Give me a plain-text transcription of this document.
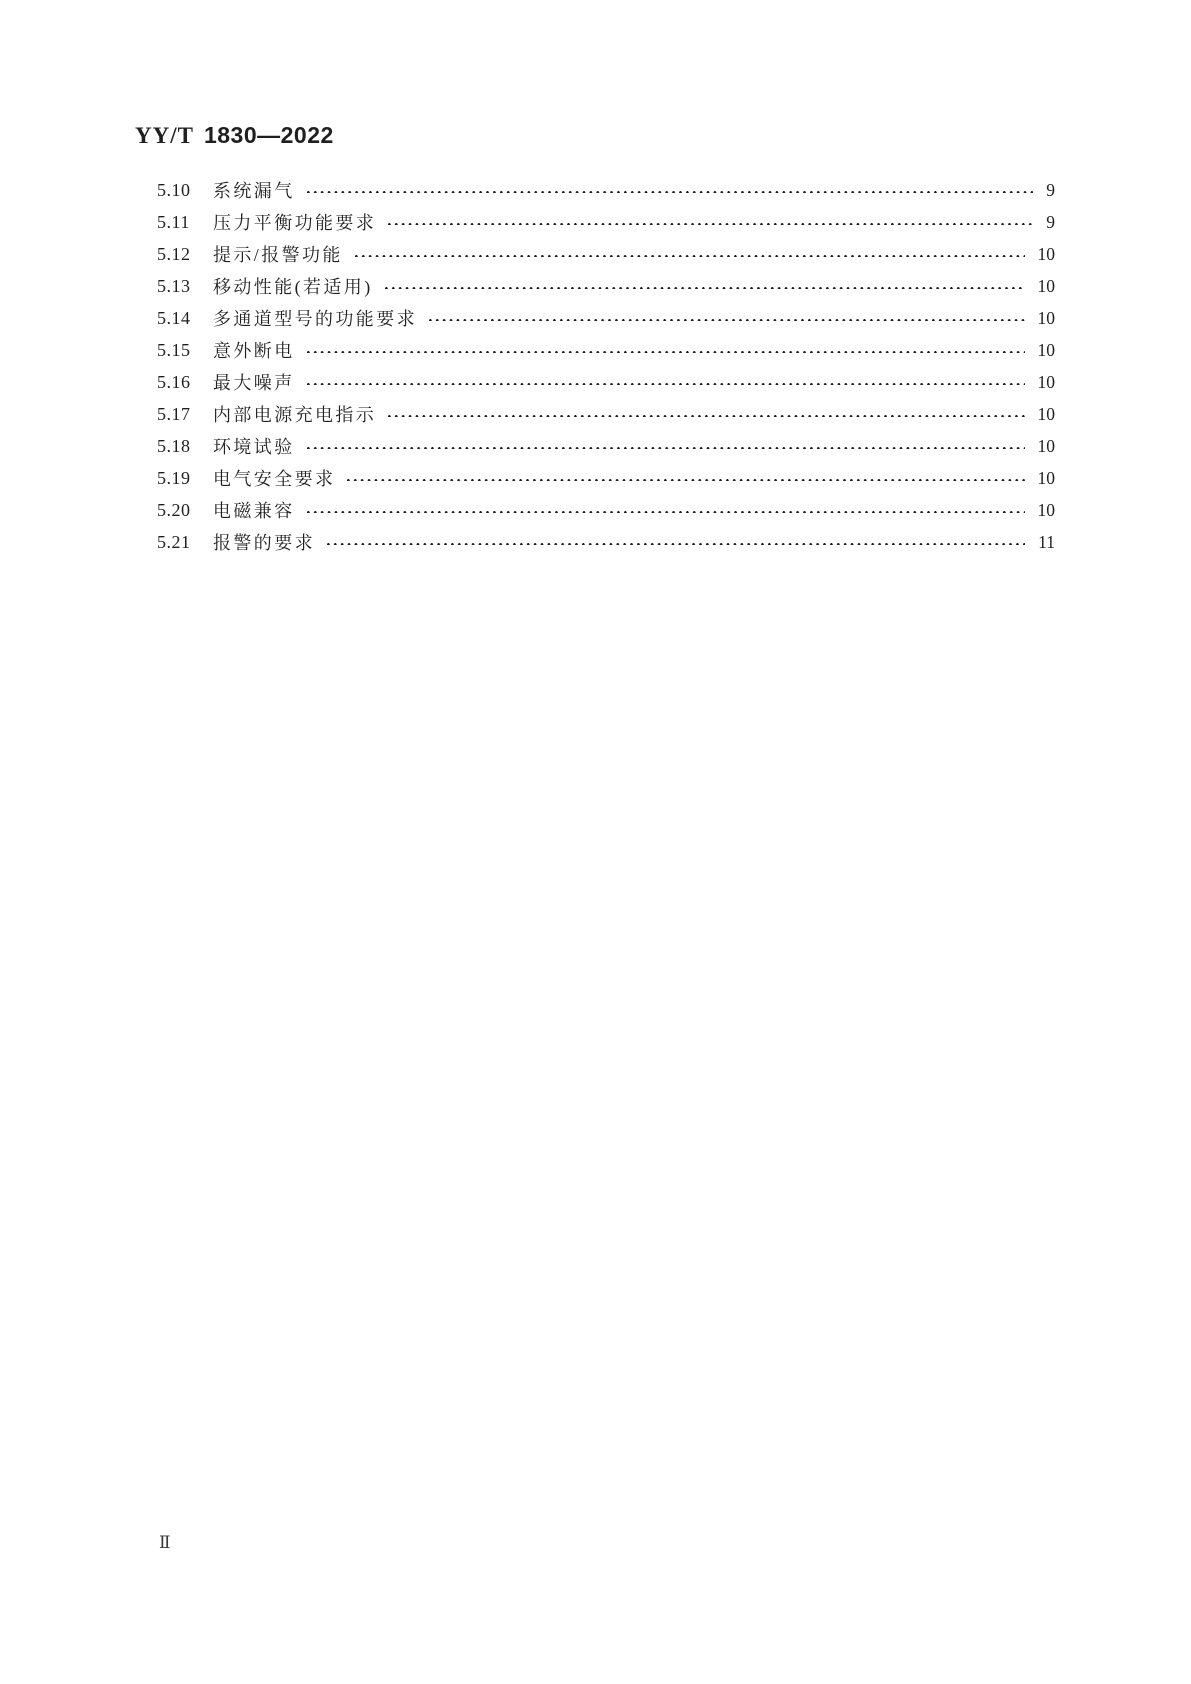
YY/T 1830—2022
5.10	系统漏气	9
5.11	压力平衡功能要求	9
5.12	提示/报警功能	10
5.13	移动性能(若适用)	10
5.14	多通道型号的功能要求	10
5.15	意外断电	10
5.16	最大噪声	10
5.17	内部电源充电指示	10
5.18	环境试验	10
5.19	电气安全要求	10
5.20	电磁兼容	10
5.21	报警的要求	11
Ⅱ
